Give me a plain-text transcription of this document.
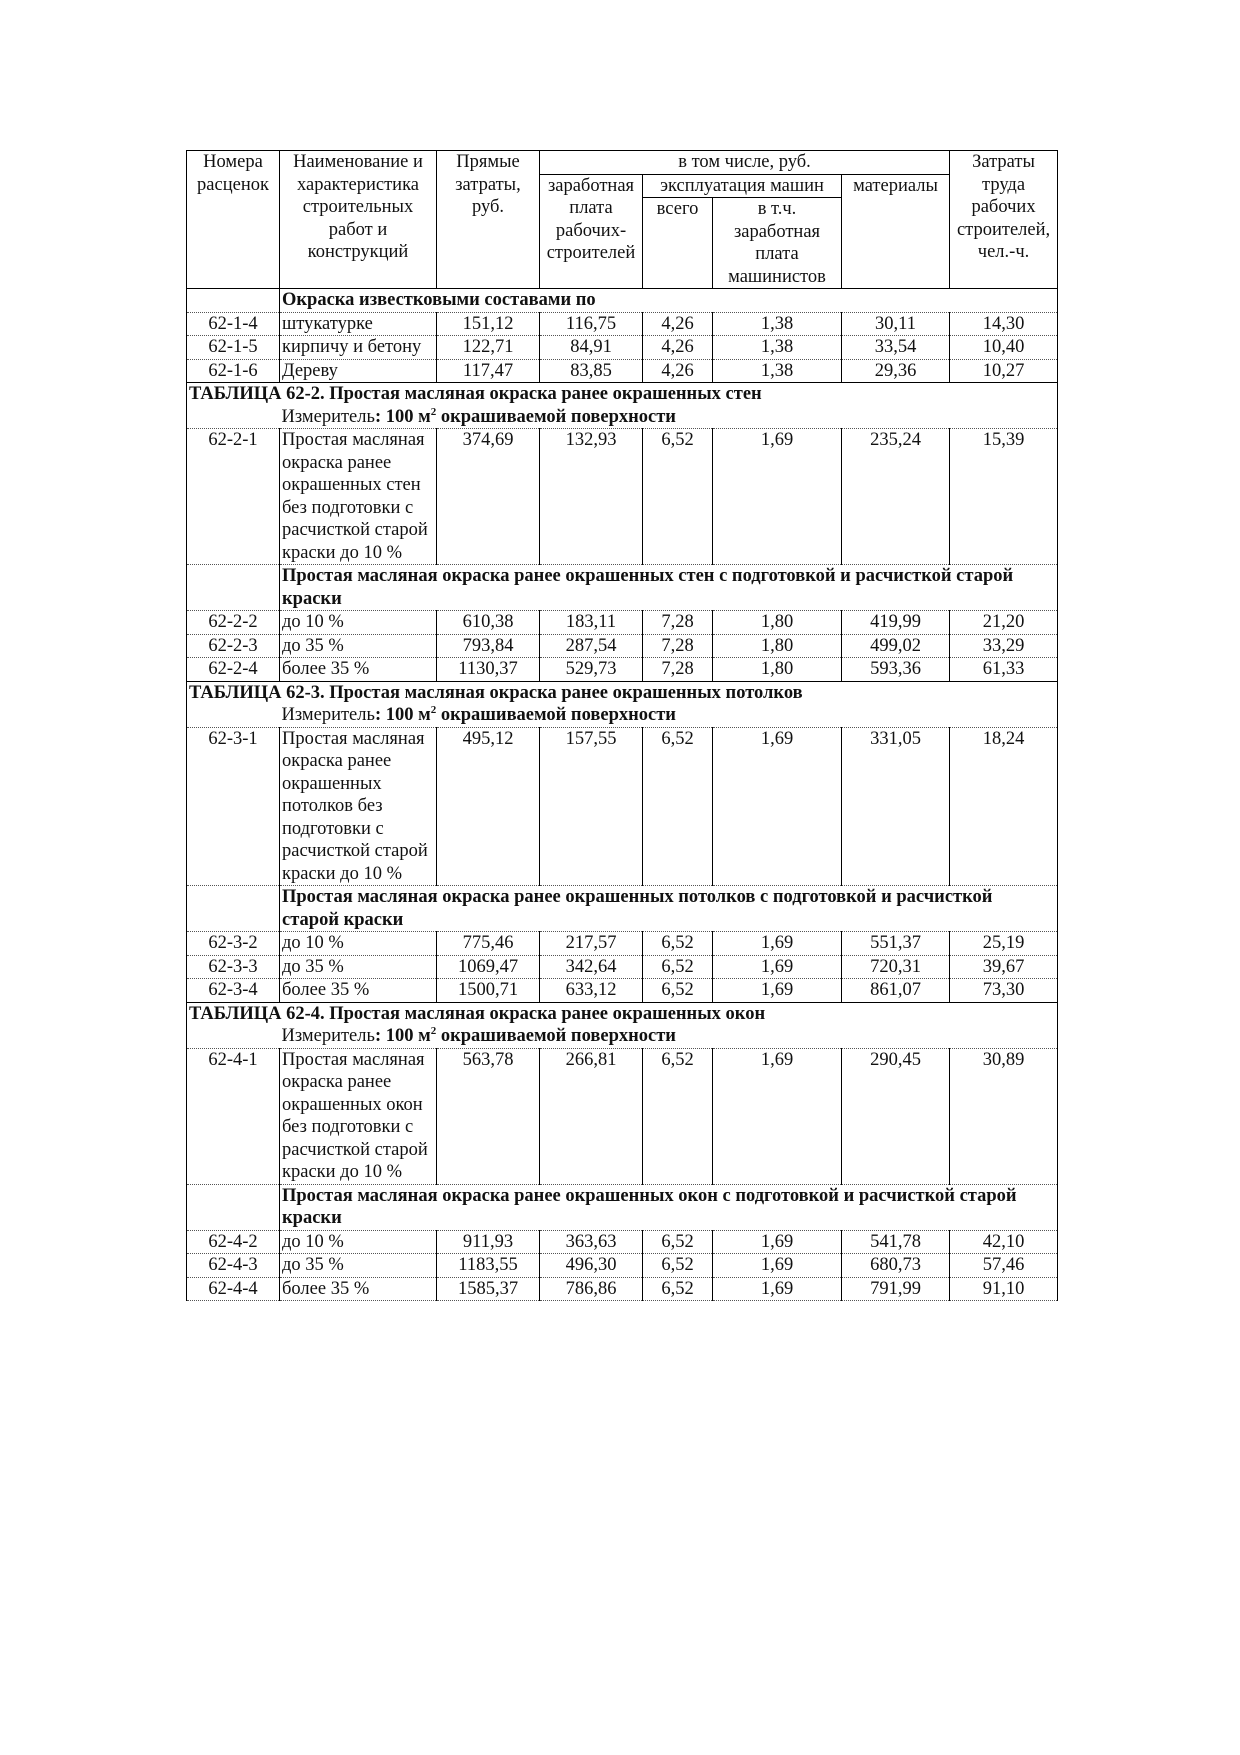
Номера расценок	Наименование и характеристика строительных работ и конструкций	Прямые затраты, руб.	в том числе, руб.				Затраты труда рабочих строителей, чел.-ч.
			заработная плата рабочих-строителей	эксплуатация машин		материалы	
				всего	в т.ч. заработная плата машинистов		
	Окраска известковыми составами по						
62-1-4	штукатурке	151,12	116,75	4,26	1,38	30,11	14,30
62-1-5	кирпичу и бетону	122,71	84,91	4,26	1,38	33,54	10,40
62-1-6	Дереву	117,47	83,85	4,26	1,38	29,36	10,27
ТАБЛИЦА 62-2. Простая масляная окраска ранее окрашенных стен							
	Измеритель: 100 $м^2$ окрашиваемой поверхности						
62-2-1	Простая масляная окраска ранее окрашенных стен без подготовки с расчисткой старой краски до 10 %	374,69	132,93	6,52	1,69	235,24	15,39
	Простая масляная окраска ранее окрашенных стен с подготовкой и расчисткой старой краски						
62-2-2	до 10 %	610,38	183,11	7,28	1,80	419,99	21,20
62-2-3	до 35 %	793,84	287,54	7,28	1,80	499,02	33,29
62-2-4	более 35 %	1130,37	529,73	7,28	1,80	593,36	61,33
ТАБЛИЦА 62-3. Простая масляная окраска ранее окрашенных потолков							
	Измеритель: 100 $м^2$ окрашиваемой поверхности						
62-3-1	Простая масляная окраска ранее окрашенных потолков без подготовки с расчисткой старой краски до 10 %	495,12	157,55	6,52	1,69	331,05	18,24
	Простая масляная окраска ранее окрашенных потолков с подготовкой и расчисткой старой краски						
62-3-2	до 10 %	775,46	217,57	6,52	1,69	551,37	25,19
62-3-3	до 35 %	1069,47	342,64	6,52	1,69	720,31	39,67
62-3-4	более 35 %	1500,71	633,12	6,52	1,69	861,07	73,30
ТАБЛИЦА 62-4. Простая масляная окраска ранее окрашенных окон							
	Измеритель: 100 $м^2$ окрашиваемой поверхности						
62-4-1	Простая масляная окраска ранее окрашенных окон без подготовки с расчисткой старой краски до 10 %	563,78	266,81	6,52	1,69	290,45	30,89
	Простая масляная окраска ранее окрашенных окон с подготовкой и расчисткой старой краски						
62-4-2	до 10 %	911,93	363,63	6,52	1,69	541,78	42,10
62-4-3	до 35 %	1183,55	496,30	6,52	1,69	680,73	57,46
62-4-4	более 35 %	1585,37	786,86	6,52	1,69	791,99	91,10
